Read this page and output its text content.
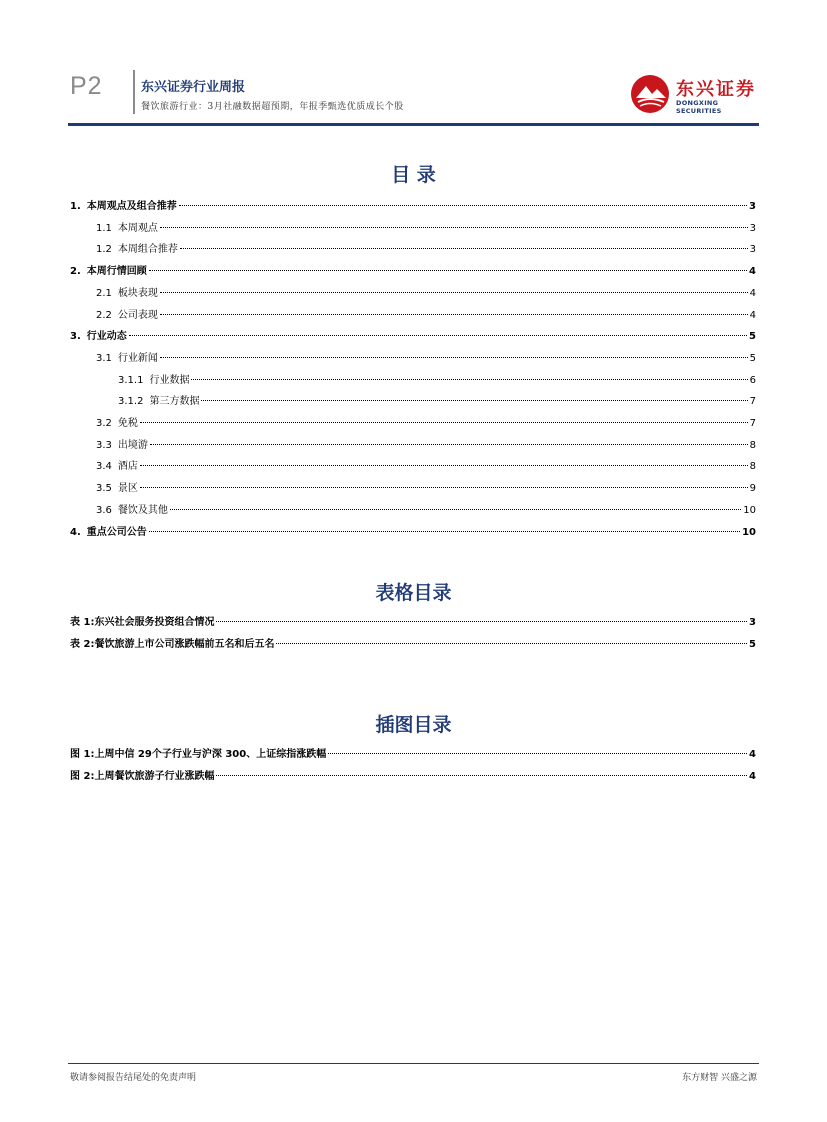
P2	东兴证券行业周报
餐饮旅游行业：3月社融数据超预期，年报季甄选优质成长个股
东兴证券
DONGXING SECURITIES
目 录
1. 本周观点及组合推荐	3
1.1 本周观点	3
1.2 本周组合推荐	3
2. 本周行情回顾	4
2.1 板块表现	4
2.2 公司表现	4
3. 行业动态	5
3.1 行业新闻	5
3.1.1 行业数据	6
3.1.2 第三方数据	7
3.2 免税	7
3.3 出境游	8
3.4 酒店	8
3.5 景区	9
3.6 餐饮及其他	10
4. 重点公司公告	10
表格目录
表 1:东兴社会服务投资组合情况	3
表 2:餐饮旅游上市公司涨跌幅前五名和后五名	5
插图目录
图 1:上周中信 29个子行业与沪深 300、上证综指涨跌幅	4
图 2:上周餐饮旅游子行业涨跌幅	4
敬请参阅报告结尾处的免责声明	东方财智 兴盛之源
